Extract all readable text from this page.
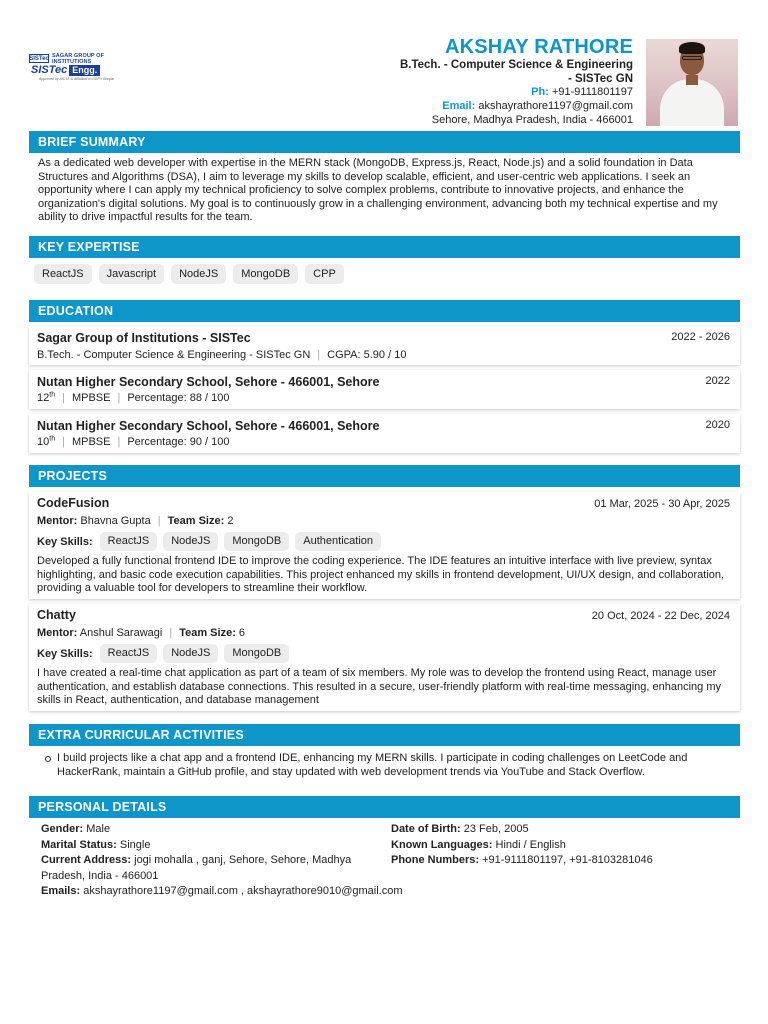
SISTec SAGAR GROUP OF INSTITUTIONS
SISTec Engg.
Approved by AICTE & Affiliated to RGPV Bhopal
AKSHAY RATHORE
B.Tech. - Computer Science & Engineering
- SISTec GN
Ph: +91-9111801197
Email: akshayrathore1197@gmail.com
Sehore, Madhya Pradesh, India - 466001
BRIEF SUMMARY
As a dedicated web developer with expertise in the MERN stack (MongoDB, Express.js, React, Node.js) and a solid foundation in Data Structures and Algorithms (DSA), I aim to leverage my skills to develop scalable, efficient, and user-centric web applications. I seek an opportunity where I can apply my technical proficiency to solve complex problems, contribute to innovative projects, and enhance the organization's digital solutions. My goal is to continuously grow in a challenging environment, advancing both my technical expertise and my ability to drive impactful results for the team.
KEY EXPERTISE
ReactJS	Javascript	NodeJS	MongoDB	CPP
EDUCATION
Sagar Group of Institutions - SISTec	2022 - 2026
B.Tech. - Computer Science & Engineering - SISTec GN | CGPA: 5.90 / 10
Nutan Higher Secondary School, Sehore - 466001, Sehore	2022
12th | MPBSE | Percentage: 88 / 100
Nutan Higher Secondary School, Sehore - 466001, Sehore	2020
10th | MPBSE | Percentage: 90 / 100
PROJECTS
CodeFusion	01 Mar, 2025 - 30 Apr, 2025
Mentor: Bhavna Gupta | Team Size: 2
Key Skills:	ReactJS	NodeJS	MongoDB	Authentication
Developed a fully functional frontend IDE to improve the coding experience. The IDE features an intuitive interface with live preview, syntax highlighting, and basic code execution capabilities. This project enhanced my skills in frontend development, UI/UX design, and collaboration, providing a valuable tool for developers to streamline their workflow.
Chatty	20 Oct, 2024 - 22 Dec, 2024
Mentor: Anshul Sarawagi | Team Size: 6
Key Skills:	ReactJS	NodeJS	MongoDB
I have created a real-time chat application as part of a team of six members. My role was to develop the frontend using React, manage user authentication, and establish database connections. This resulted in a secure, user-friendly platform with real-time messaging, enhancing my skills in React, authentication, and database management
EXTRA CURRICULAR ACTIVITIES
I build projects like a chat app and a frontend IDE, enhancing my MERN skills. I participate in coding challenges on LeetCode and HackerRank, maintain a GitHub profile, and stay updated with web development trends via YouTube and Stack Overflow.
PERSONAL DETAILS
Gender: Male
Marital Status: Single
Current Address: jogi mohalla , ganj, Sehore, Sehore, Madhya Pradesh, India - 466001
Emails: akshayrathore1197@gmail.com , akshayrathore9010@gmail.com
Date of Birth: 23 Feb, 2005
Known Languages: Hindi / English
Phone Numbers: +91-9111801197, +91-8103281046
